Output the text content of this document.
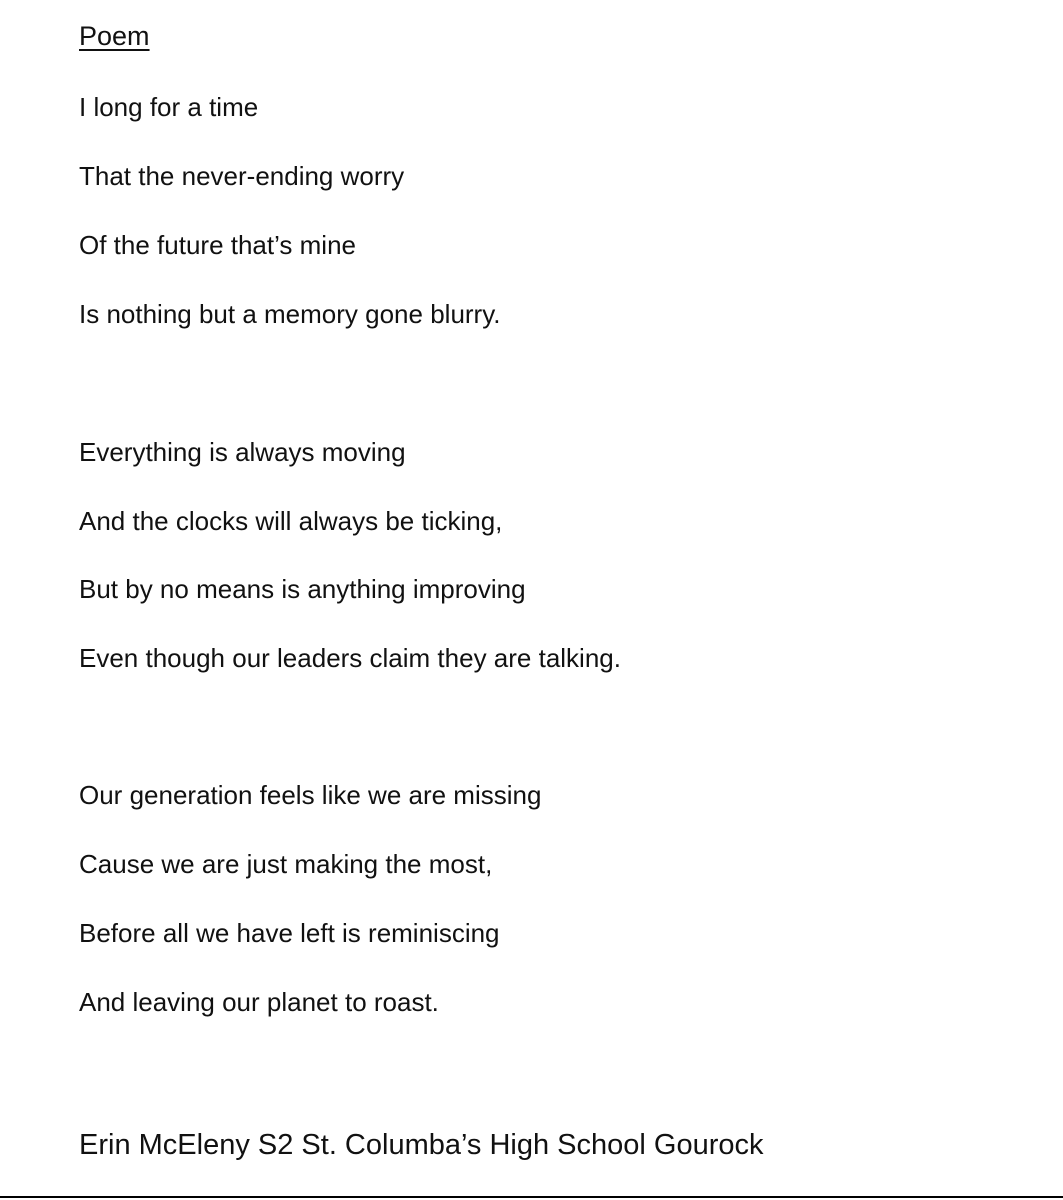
Poem
I long for a time
That the never-ending worry
Of the future that’s mine
Is nothing but a memory gone blurry.
Everything is always moving
And the clocks will always be ticking,
But by no means is anything improving
Even though our leaders claim they are talking.
Our generation feels like we are missing
Cause we are just making the most,
Before all we have left is reminiscing
And leaving our planet to roast.
Erin McEleny S2 St. Columba’s High School Gourock
